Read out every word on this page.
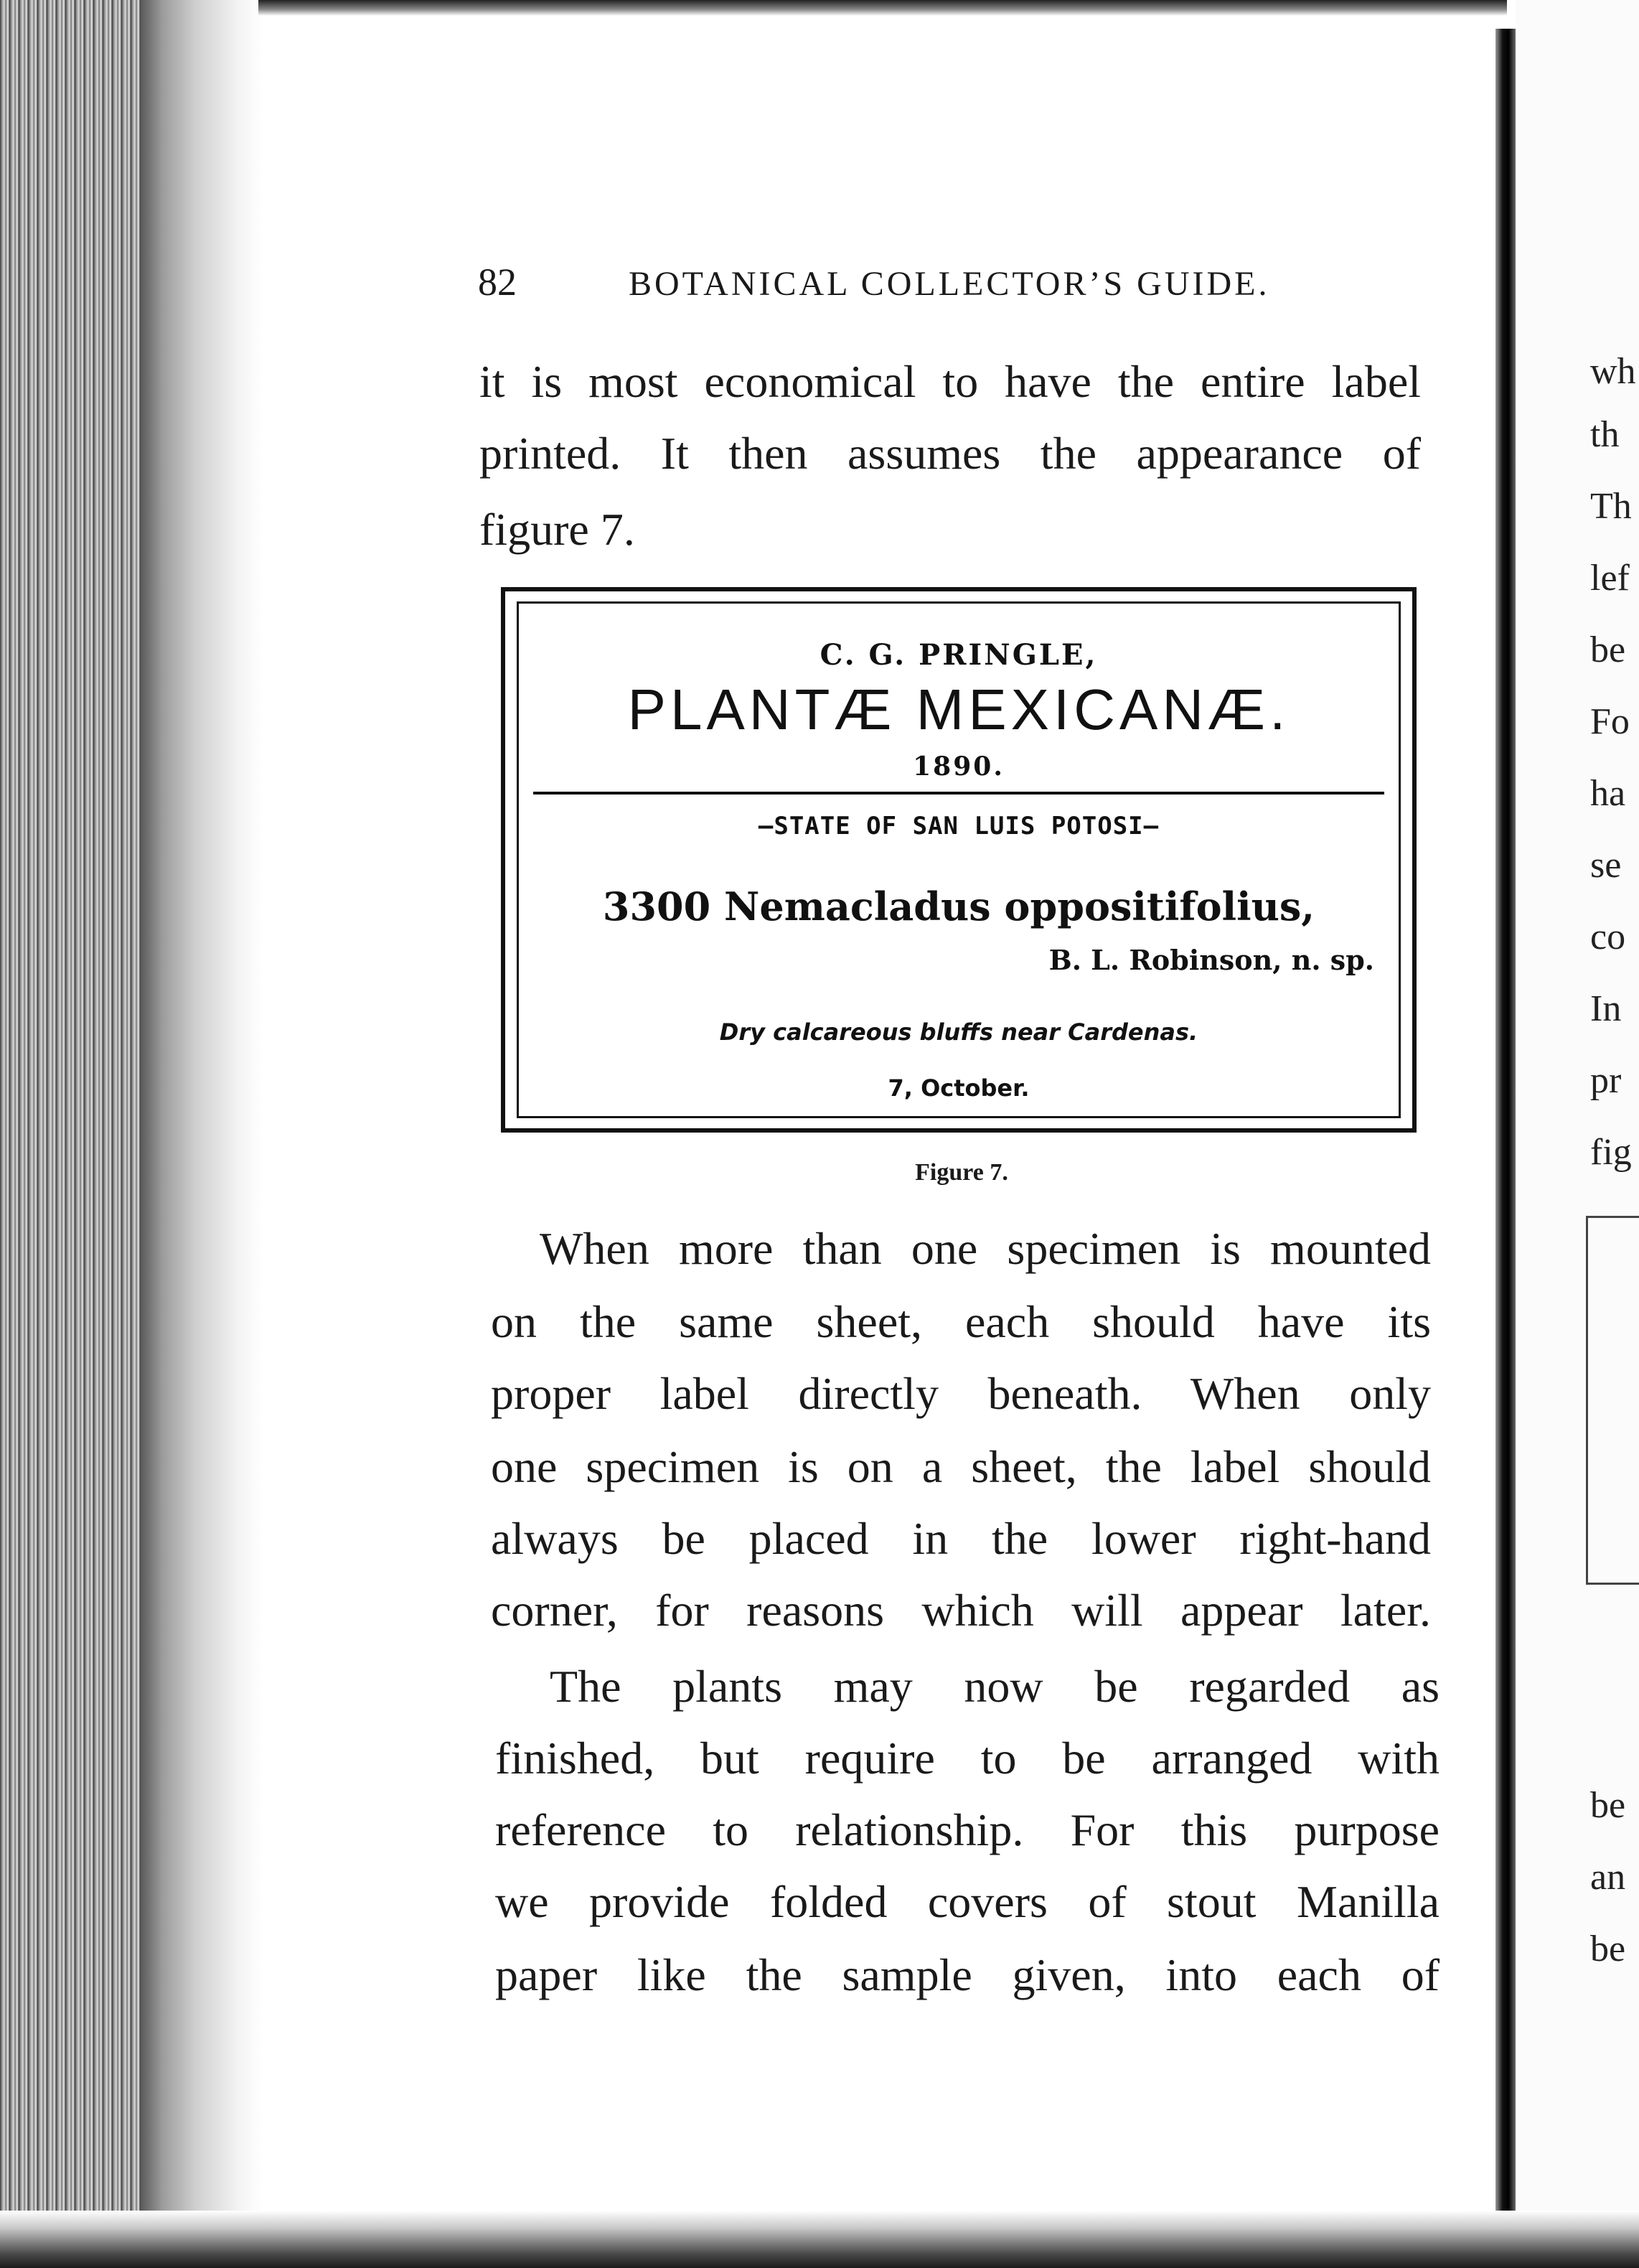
wh
th
Th
lef
be
Fo
ha
se
co
In
pr
fig
be
an
be
82	BOTANICAL COLLECTOR’S GUIDE.
it is most economical to have the entire label
printed. It then assumes the appearance of
figure 7.
C. G. PRINGLE,
PLANTÆ MEXICANÆ.
1890.
–STATE OF SAN LUIS POTOSI–
3300 Nemacladus oppositifolius,
B. L. Robinson, n. sp.
Dry calcareous bluffs near Cardenas.
7, October.
Figure 7.
When more than one specimen is mounted
on the same sheet, each should have its
proper label directly beneath. When only
one specimen is on a sheet, the label should
always be placed in the lower right-hand
corner, for reasons which will appear later.
The plants may now be regarded as
finished, but require to be arranged with
reference to relationship. For this purpose
we provide folded covers of stout Manilla
paper like the sample given, into each of
